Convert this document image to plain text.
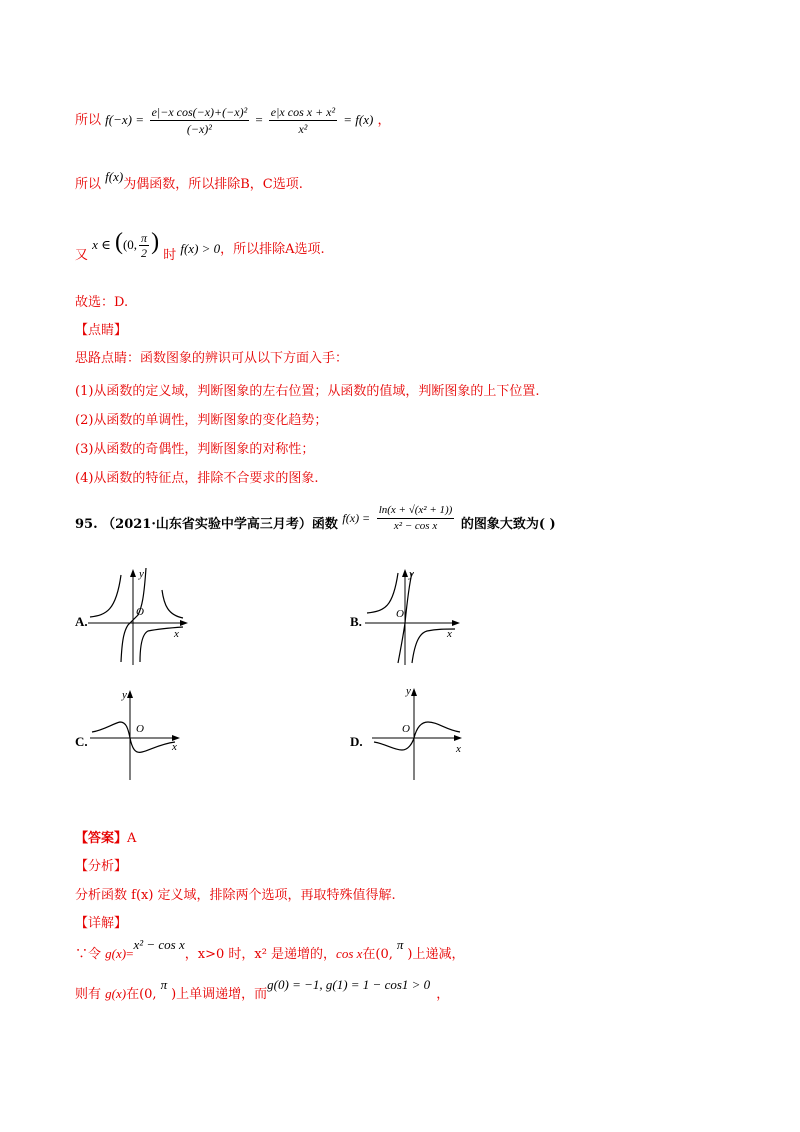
所以 $f(-x) = \frac{\text{e|−x cos(−x)+(−x)²}}{\text{(−x)²}} = \frac{\text{e|x cos x + x²}}{\text{x²}} = f(x)$ ，
所以 f(x)为偶函数，所以排除B，C选项.
又 x ∈ ((0, $\frac{\pi}{2}$ ) 时 f(x) > 0，所以排除A选项.
故选：D.
【点睛】
思路点睛：函数图象的辨识可从以下方面入手：
(1)从函数的定义域，判断图象的左右位置；从函数的值域，判断图象的上下位置.
(2)从函数的单调性，判断图象的变化趋势；
(3)从函数的奇偶性，判断图象的对称性；
(4)从函数的特征点，排除不合要求的图象.
95. （2021·山东省实验中学高三月考）函数 $f(x) = \frac{\text{ln(x + √(x² + 1))}}{\text{x² − cos x}}$ 的图象大致为( )
A.
y
O
x
B.
y
O
x
C.
y
O
x	D.
y
O
x
【答案】A
【分析】
分析函数 f(x) 定义域，排除两个选项，再取特殊值得解.
【详解】
∵令 g(x)=x² − cos x，x>0 时，x² 是递增的，cos x在(0,π)上递减，
则有 g(x)在(0,π)上单调递增，而g(0) = −1, g(1) = 1 − cos1 > 0，
